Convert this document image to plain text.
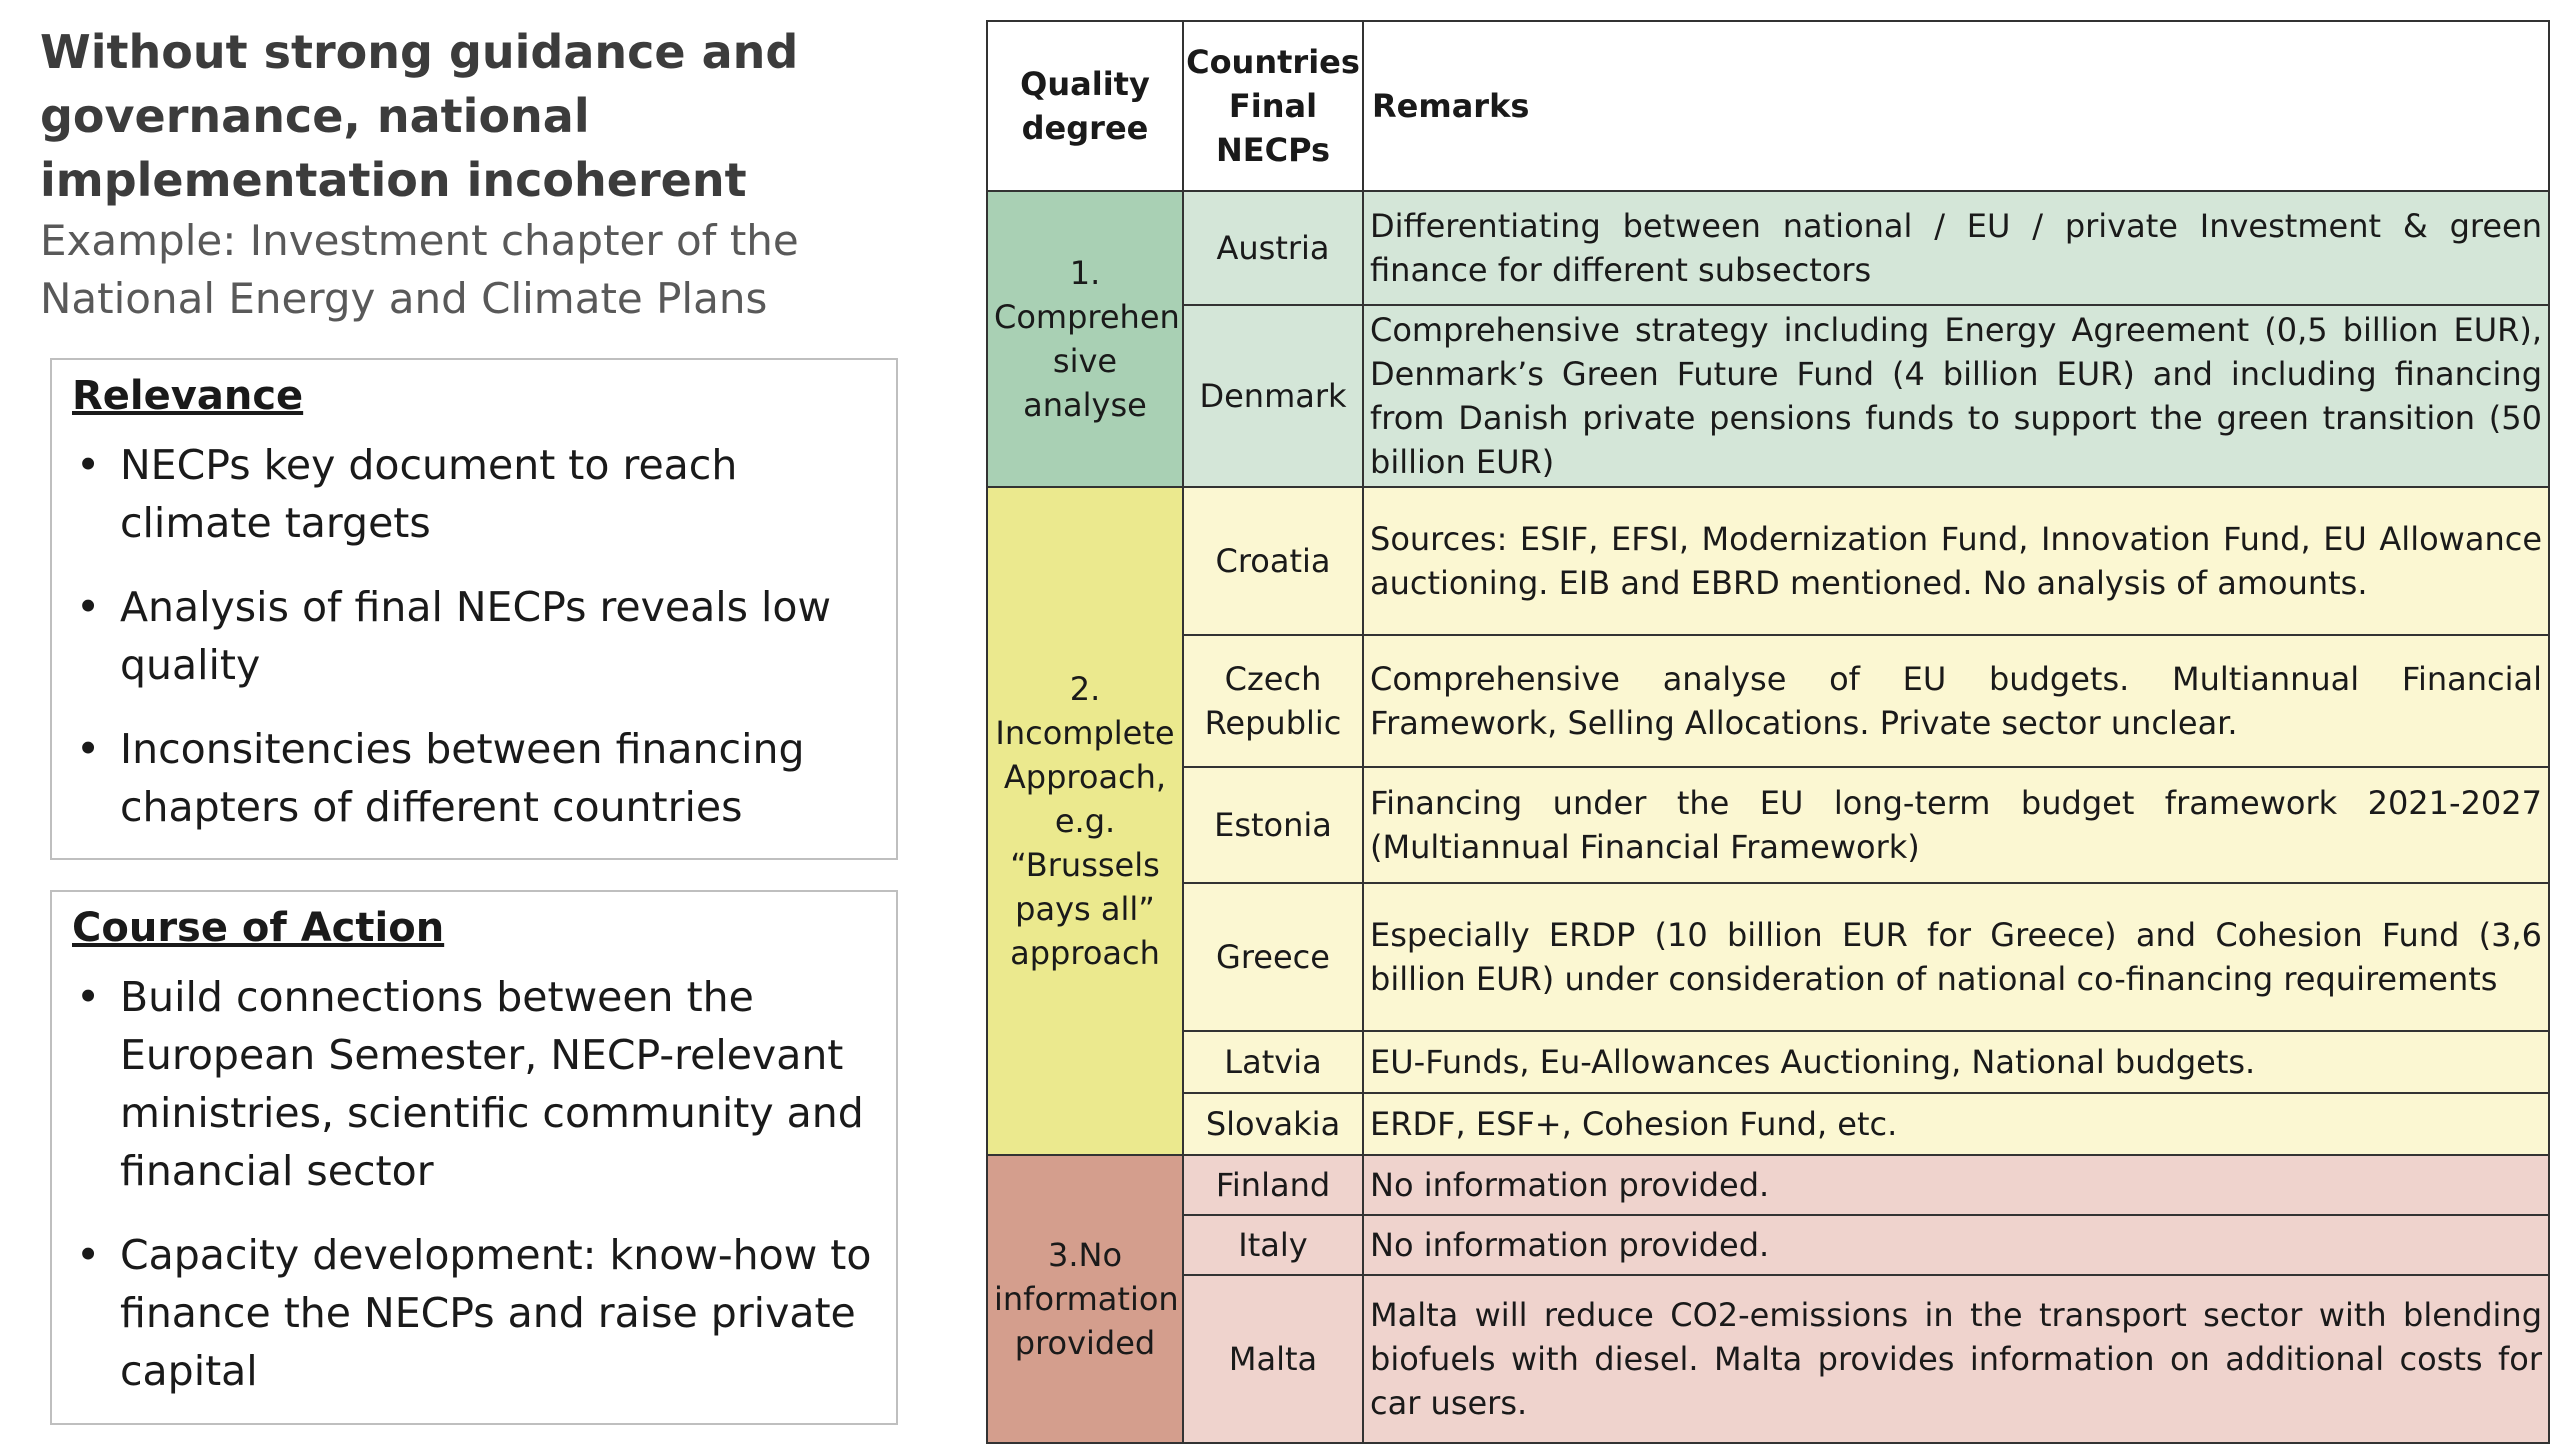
Without strong guidance and governance, national implementation incoherent
Example: Investment chapter of the National Energy and Climate Plans
Relevance
• NECPs key document to reach climate targets
• Analysis of final NECPs reveals low quality
• Inconsitencies between financing chapters of different countries
Course of Action
• Build connections between the European Semester, NECP-relevant ministries, scientific community and financial sector
• Capacity development: know-how to finance the NECPs and raise private capital
Quality degree	Countries Final NECPs	Remarks
1. Comprehen sive analyse	Austria	Differentiating between national / EU / private Investment & green finance for different subsectors
	Denmark	Comprehensive strategy including Energy Agreement (0,5 billion EUR), Denmark’s Green Future Fund (4 billion EUR) and including financing from Danish private pensions funds to support the green transition (50 billion EUR)
2. Incomplete Approach, e.g. “Brussels pays all” approach	Croatia	Sources: ESIF, EFSI, Modernization Fund, Innovation Fund, EU Allowance auctioning. EIB and EBRD mentioned. No analysis of amounts.
	Czech Republic	Comprehensive analyse of EU budgets. Multiannual Financial Framework, Selling Allocations. Private sector unclear.
	Estonia	Financing under the EU long-term budget framework 2021-2027 (Multiannual Financial Framework)
	Greece	Especially ERDP (10 billion EUR for Greece) and Cohesion Fund (3,6 billion EUR) under consideration of national co-financing requirements
	Latvia	EU-Funds, Eu-Allowances Auctioning, National budgets.
	Slovakia	ERDF, ESF+, Cohesion Fund, etc.
3.No information provided	Finland	No information provided.
	Italy	No information provided.
	Malta	Malta will reduce CO2-emissions in the transport sector with blending biofuels with diesel. Malta provides information on additional costs for car users.
